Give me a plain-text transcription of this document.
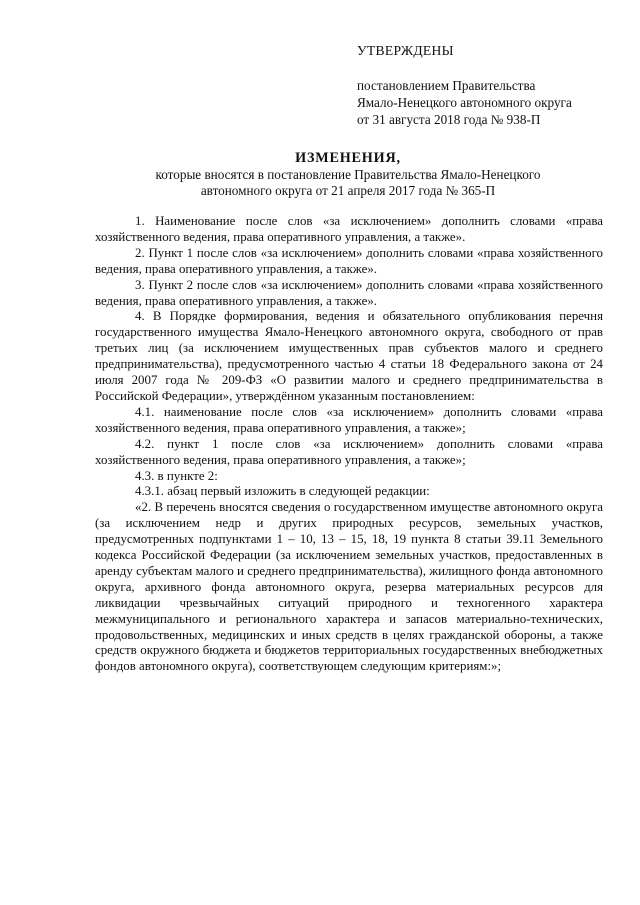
УТВЕРЖДЕНЫ
постановлением Правительства
Ямало-Ненецкого автономного округа
от 31 августа 2018 года № 938-П
ИЗМЕНЕНИЯ,
которые вносятся в постановление Правительства Ямало-Ненецкого
автономного округа от 21 апреля 2017 года № 365-П

1. Наименование после слов «за исключением» дополнить словами «права хозяйственного ведения, права оперативного управления, а также».

2. Пункт 1 после слов «за исключением» дополнить словами «права хозяйственного ведения, права оперативного управления, а также».

3. Пункт 2 после слов «за исключением» дополнить словами «права хозяйственного ведения, права оперативного управления, а также».

4. В Порядке формирования, ведения и обязательного опубликования перечня государственного имущества Ямало-Ненецкого автономного округа, свободного от прав третьих лиц (за исключением имущественных прав субъектов малого и среднего предпринимательства), предусмотренного частью 4 статьи 18 Федерального закона от 24 июля 2007 года № 209-ФЗ «О развитии малого и среднего предпринимательства в Российской Федерации», утверждённом указанным постановлением:

4.1. наименование после слов «за исключением» дополнить словами «права хозяйственного ведения, права оперативного управления, а также»;

4.2. пункт 1 после слов «за исключением» дополнить словами «права хозяйственного ведения, права оперативного управления, а также»;

4.3. в пункте 2:

4.3.1. абзац первый изложить в следующей редакции:

«2. В перечень вносятся сведения о государственном имуществе автономного округа (за исключением недр и других природных ресурсов, земельных участков, предусмотренных подпунктами 1 – 10, 13 – 15, 18, 19 пункта 8 статьи 39.11 Земельного кодекса Российской Федерации (за исключением земельных участков, предоставленных в аренду субъектам малого и среднего предпринимательства), жилищного фонда автономного округа, архивного фонда автономного округа, резерва материальных ресурсов для ликвидации чрезвычайных ситуаций природного и техногенного характера межмуниципального и регионального характера и запасов материально-технических, продовольственных, медицинских и иных средств в целях гражданской обороны, а также средств окружного бюджета и бюджетов территориальных государственных внебюджетных фондов автономного округа), соответствующем следующим критериям:»;
